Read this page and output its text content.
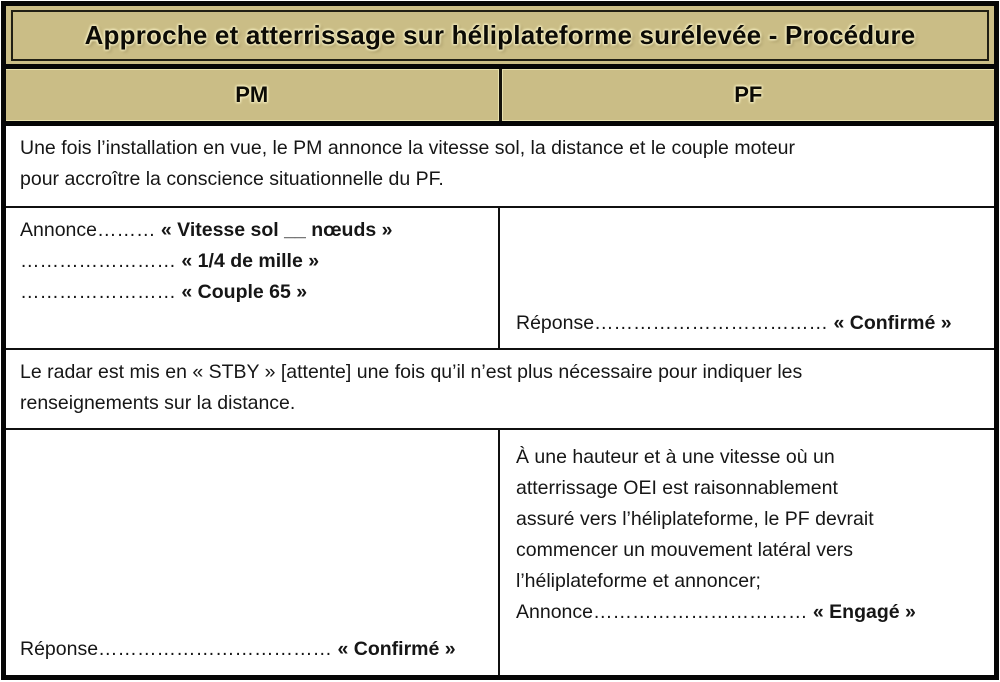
Approche et atterrissage sur héliplateforme surélevée - Procédure
PM	PF
Une fois l’installation en vue, le PM annonce la vitesse sol, la distance et le couple moteur
pour accroître la conscience situationnelle du PF.
Annonce……… « Vitesse sol __ nœuds »
…………………… « 1/4 de mille »
…………………… « Couple 65 »
Réponse……………………………… « Confirmé »
Le radar est mis en « STBY » [attente] une fois qu’il n’est plus nécessaire pour indiquer les
renseignements sur la distance.
Réponse……………………………… « Confirmé »
À une hauteur et à une vitesse où un
atterrissage OEI est raisonnablement
assuré vers l’héliplateforme, le PF devrait
commencer un mouvement latéral vers
l’héliplateforme et annoncer;
Annonce…………………………… « Engagé »
